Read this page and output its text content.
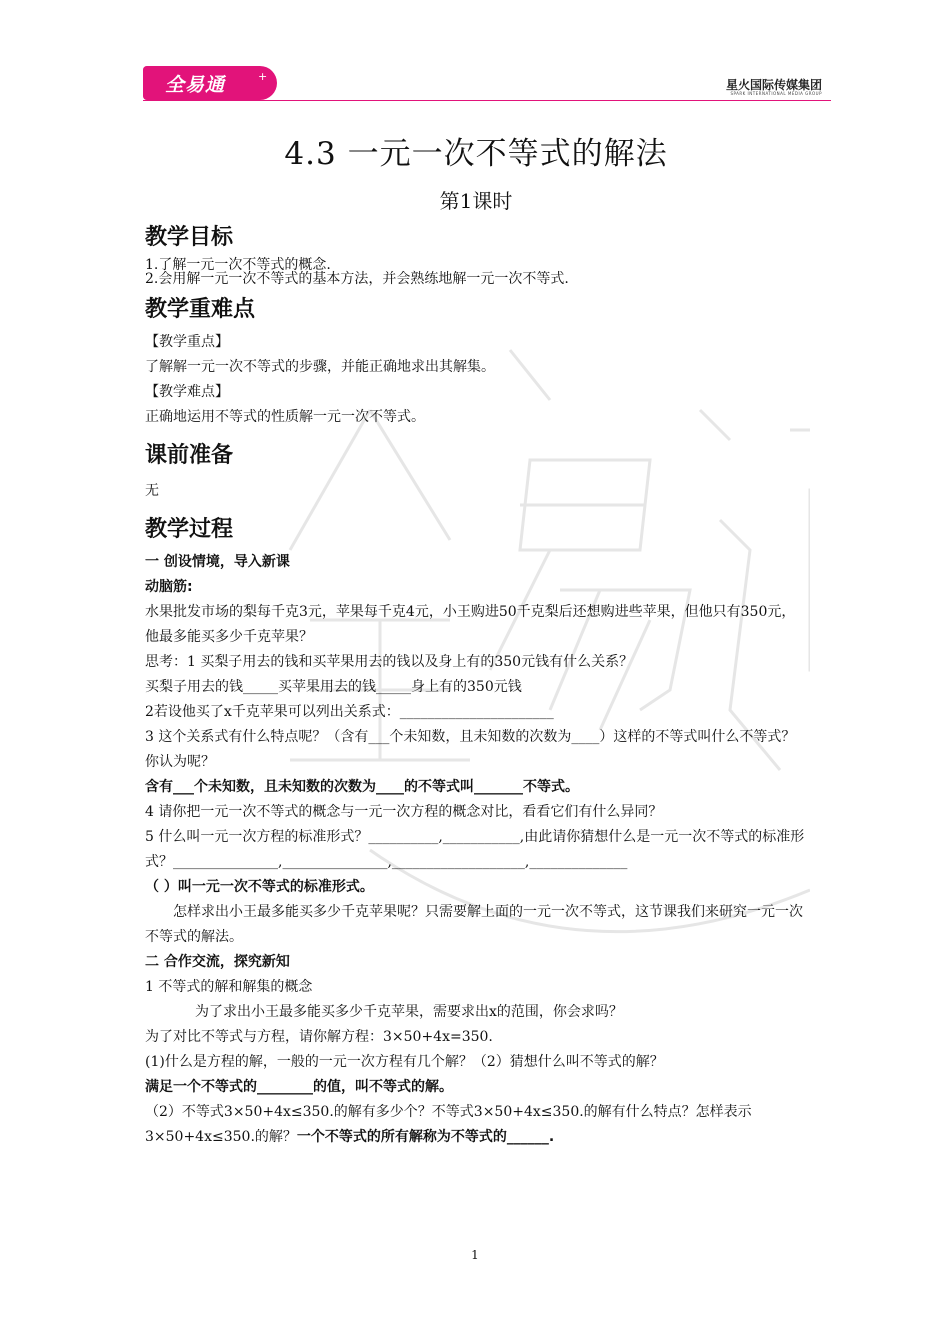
全易通	+
星火国际传媒集团
SPARK INTERNATIONAL MEDIA GROUP
4.3 一元一次不等式的解法
第1课时
教学目标
1.了解一元一次不等式的概念.
2.会用解一元一次不等式的基本方法，并会熟练地解一元一次不等式.
教学重难点
【教学重点】
了解解一元一次不等式的步骤，并能正确地求出其解集。
【教学难点】
正确地运用不等式的性质解一元一次不等式。
课前准备
无
教学过程
一 创设情境，导入新课
动脑筋:
水果批发市场的梨每千克3元，苹果每千克4元，小王购进50千克梨后还想购进些苹果，但他只有350元，他最多能买多少千克苹果？
思考：1 买梨子用去的钱和买苹果用去的钱以及身上有的350元钱有什么关系？
买梨子用去的钱_____买苹果用去的钱_____身上有的350元钱
2若设他买了x千克苹果可以列出关系式：______________________
3 这个关系式有什么特点呢？（含有___个未知数，且未知数的次数为____）这样的不等式叫什么不等式？你认为呢？
含有___个未知数，且未知数的次数为____的不等式叫_______不等式。
4 请你把一元一次不等式的概念与一元一次方程的概念对比，看看它们有什么异同？
5 什么叫一元一次方程的标准形式？__________,___________,由此请你猜想什么是一元一次不等式的标准形式？_______________,_______________,___________________,______________
（ ）叫一元一次不等式的标准形式。
怎样求出小王最多能买多少千克苹果呢？只需要解上面的一元一次不等式，这节课我们来研究一元一次不等式的解法。
二 合作交流，探究新知
1 不等式的解和解集的概念
为了求出小王最多能买多少千克苹果，需要求出x的范围，你会求吗？
为了对比不等式与方程，请你解方程：3×50+4x=350.
(1)什么是方程的解，一般的一元一次方程有几个解？（2）猜想什么叫不等式的解？
满足一个不等式的________的值，叫不等式的解。
（2）不等式3×50+4x≤350.的解有多少个？不等式3×50+4x≤350.的解有什么特点？怎样表示3×50+4x≤350.的解？一个不等式的所有解称为不等式的______.
1
